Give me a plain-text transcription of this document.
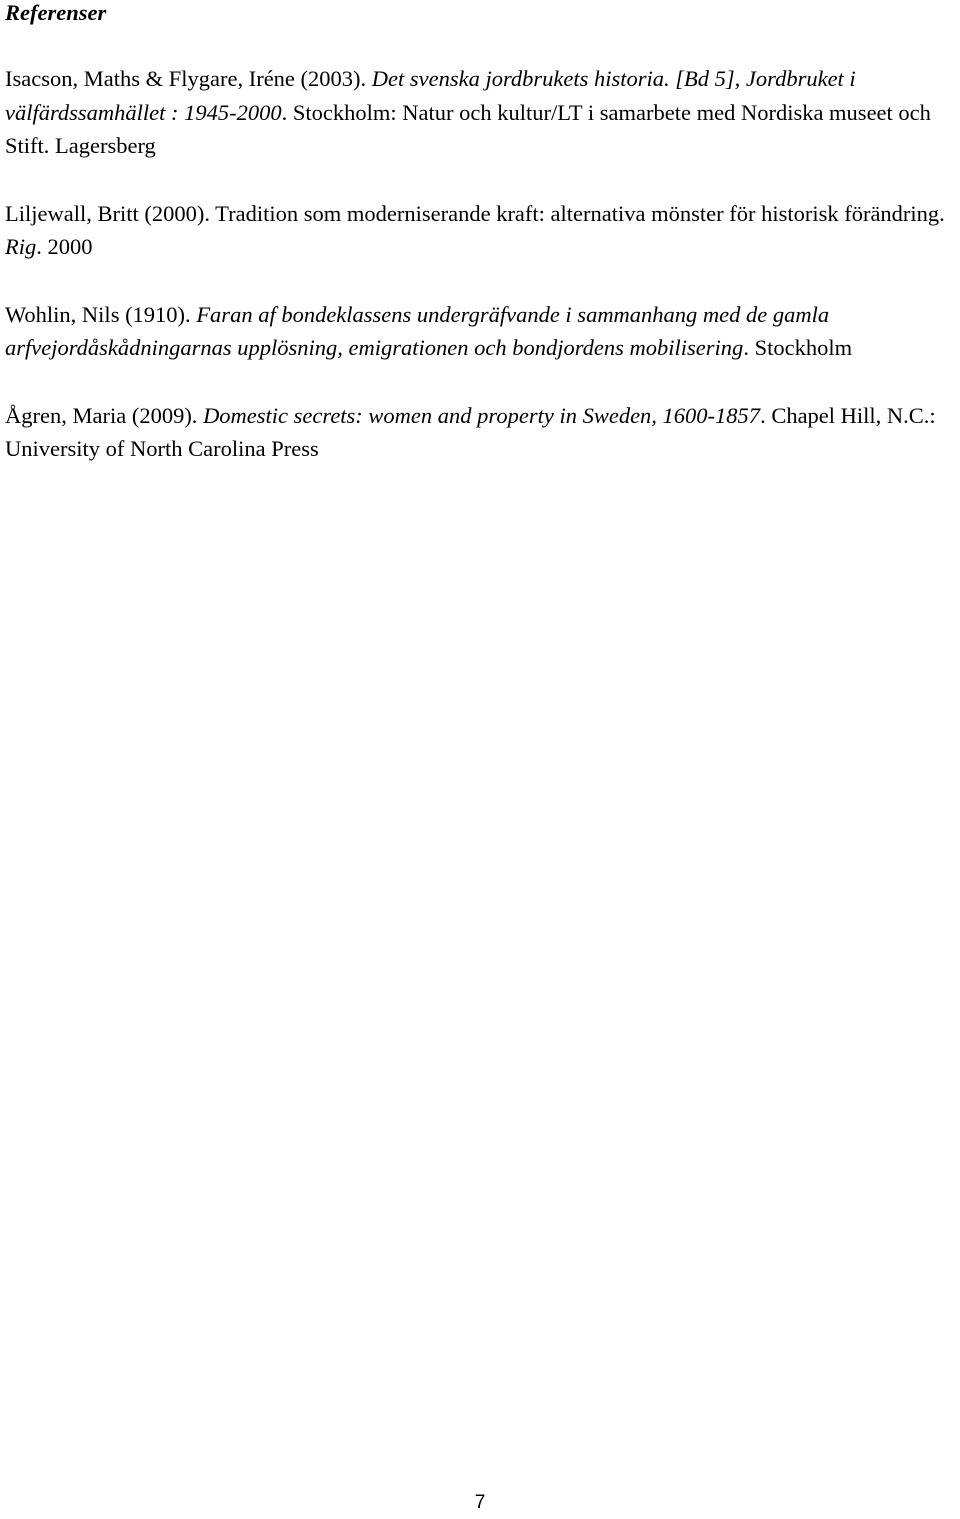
Referenser
Isacson, Maths & Flygare, Iréne (2003). Det svenska jordbrukets historia. [Bd 5], Jordbruket i välfärdssamhället : 1945-2000. Stockholm: Natur och kultur/LT i samarbete med Nordiska museet och Stift. Lagersberg
Liljewall, Britt (2000). Tradition som moderniserande kraft: alternativa mönster för historisk förändring. Rig. 2000
Wohlin, Nils (1910). Faran af bondeklassens undergräfvande i sammanhang med de gamla arfvejordåskådningarnas upplösning, emigrationen och bondjordens mobilisering. Stockholm
Ågren, Maria (2009). Domestic secrets: women and property in Sweden, 1600-1857. Chapel Hill, N.C.: University of North Carolina Press
7
